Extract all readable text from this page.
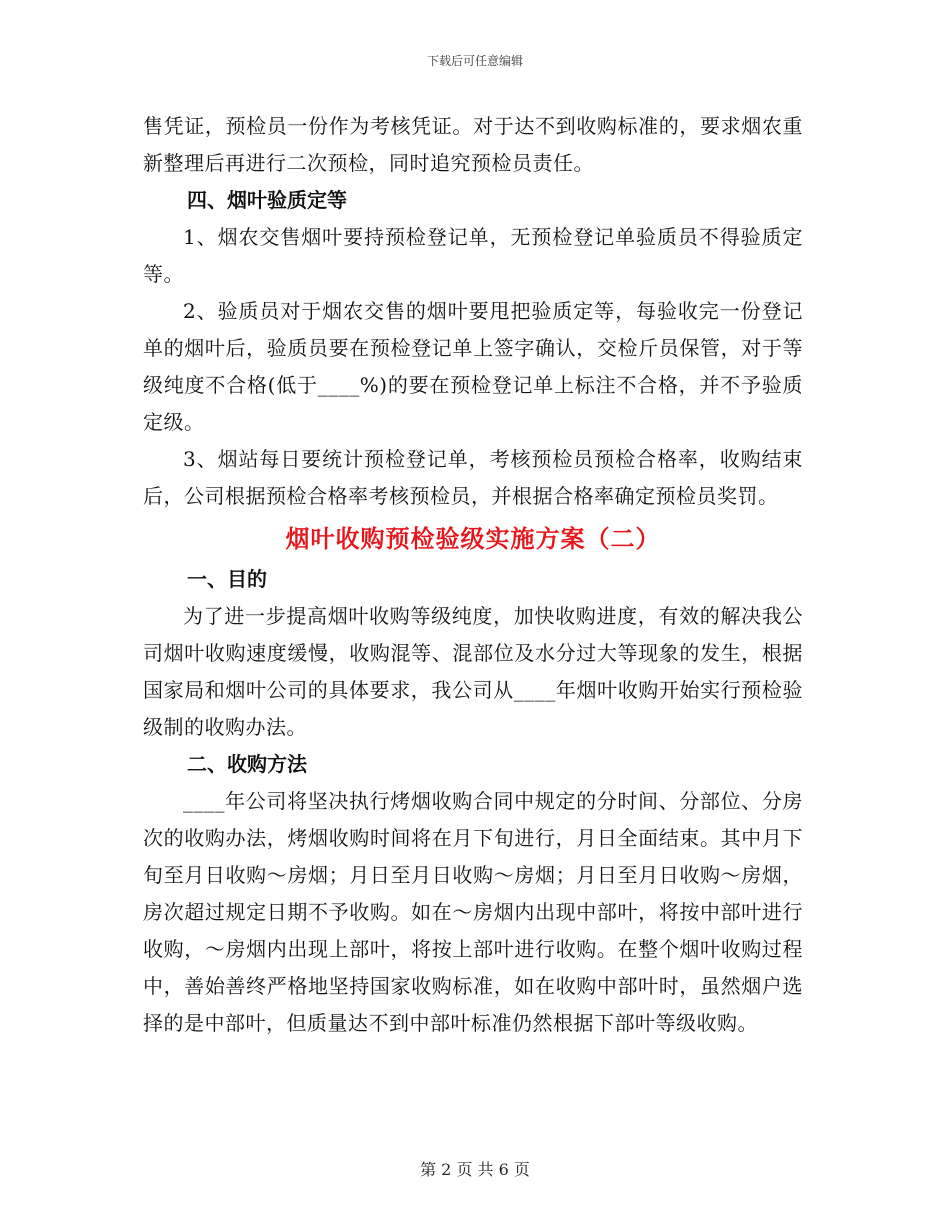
下载后可任意编辑

售凭证，预检员一份作为考核凭证。对于达不到收购标准的，要求烟农重新整理后再进行二次预检，同时追究预检员责任。

四、烟叶验质定等

1、烟农交售烟叶要持预检登记单，无预检登记单验质员不得验质定等。

2、验质员对于烟农交售的烟叶要甩把验质定等，每验收完一份登记单的烟叶后，验质员要在预检登记单上签字确认，交检斤员保管，对于等级纯度不合格(低于____%)的要在预检登记单上标注不合格，并不予验质定级。

3、烟站每日要统计预检登记单，考核预检员预检合格率，收购结束后，公司根据预检合格率考核预检员，并根据合格率确定预检员奖罚。

烟叶收购预检验级实施方案（二）

一、目的

为了进一步提高烟叶收购等级纯度，加快收购进度，有效的解决我公司烟叶收购速度缓慢，收购混等、混部位及水分过大等现象的发生，根据国家局和烟叶公司的具体要求，我公司从____年烟叶收购开始实行预检验级制的收购办法。

二、收购方法

____年公司将坚决执行烤烟收购合同中规定的分时间、分部位、分房次的收购办法，烤烟收购时间将在月下旬进行，月日全面结束。其中月下旬至月日收购～房烟；月日至月日收购～房烟；月日至月日收购～房烟，房次超过规定日期不予收购。如在～房烟内出现中部叶，将按中部叶进行收购，～房烟内出现上部叶，将按上部叶进行收购。在整个烟叶收购过程中，善始善终严格地坚持国家收购标准，如在收购中部叶时，虽然烟户选择的是中部叶，但质量达不到中部叶标准仍然根据下部叶等级收购。

第 2 页 共 6 页
